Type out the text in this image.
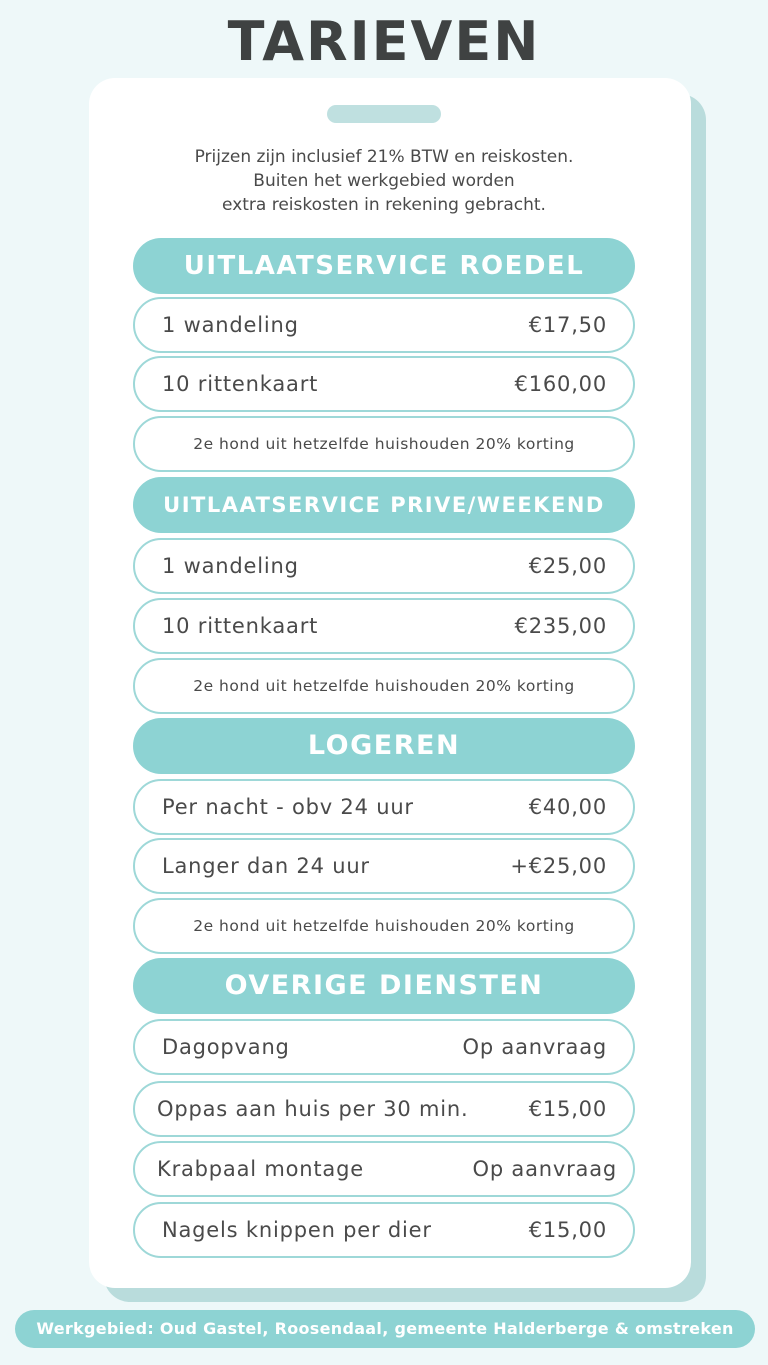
TARIEVEN
Prijzen zijn inclusief 21% BTW en reiskosten.
Buiten het werkgebied worden
extra reiskosten in rekening gebracht.
UITLAATSERVICE ROEDEL
1 wandeling	€17,50
10 rittenkaart	€160,00
2e hond uit hetzelfde huishouden 20% korting
UITLAATSERVICE PRIVE/WEEKEND
1 wandeling	€25,00
10 rittenkaart	€235,00
2e hond uit hetzelfde huishouden 20% korting
LOGEREN
Per nacht - obv 24 uur	€40,00
Langer dan 24 uur	+€25,00
2e hond uit hetzelfde huishouden 20% korting
OVERIGE DIENSTEN
Dagopvang	Op aanvraag
Oppas aan huis per 30 min.	€15,00
Krabpaal montage	Op aanvraag
Nagels knippen per dier	€15,00
Werkgebied: Oud Gastel, Roosendaal, gemeente Halderberge & omstreken
